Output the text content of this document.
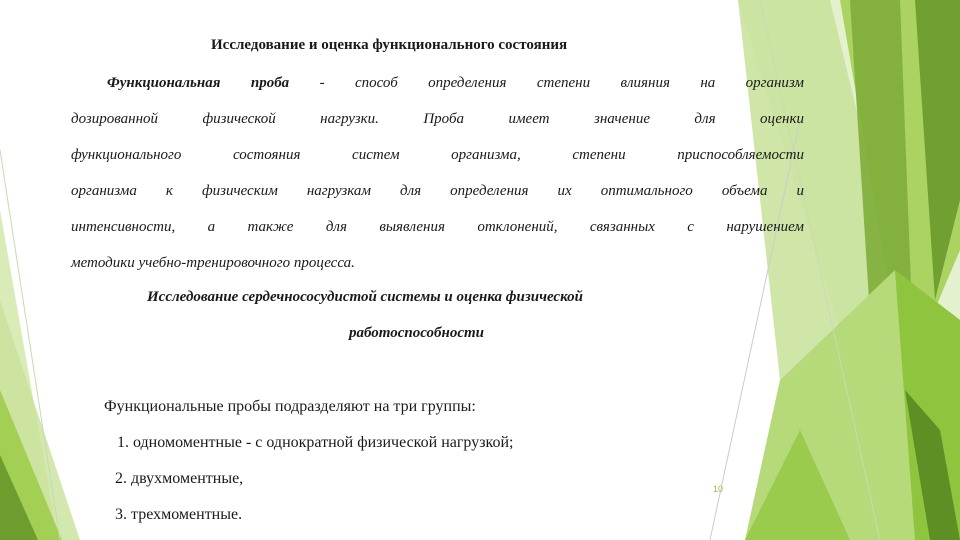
Исследование и оценка функционального состояния
Функциональная проба - способ определения степени влияния на организм
дозированной физической нагрузки. Проба имеет значение для оценки
функционального состояния систем организма, степени приспособляемости
организма к физическим нагрузкам для определения их оптимального объема и
интенсивности, а также для выявления отклонений, связанных с нарушением
методики учебно-тренировочного процесса.
Исследование сердечнососудистой системы и оценка физической
работоспособности
Функциональные пробы подразделяют на три группы:
1. одномоментные - с однократной физической нагрузкой;
2. двухмоментные,
3. трехмоментные.
10
